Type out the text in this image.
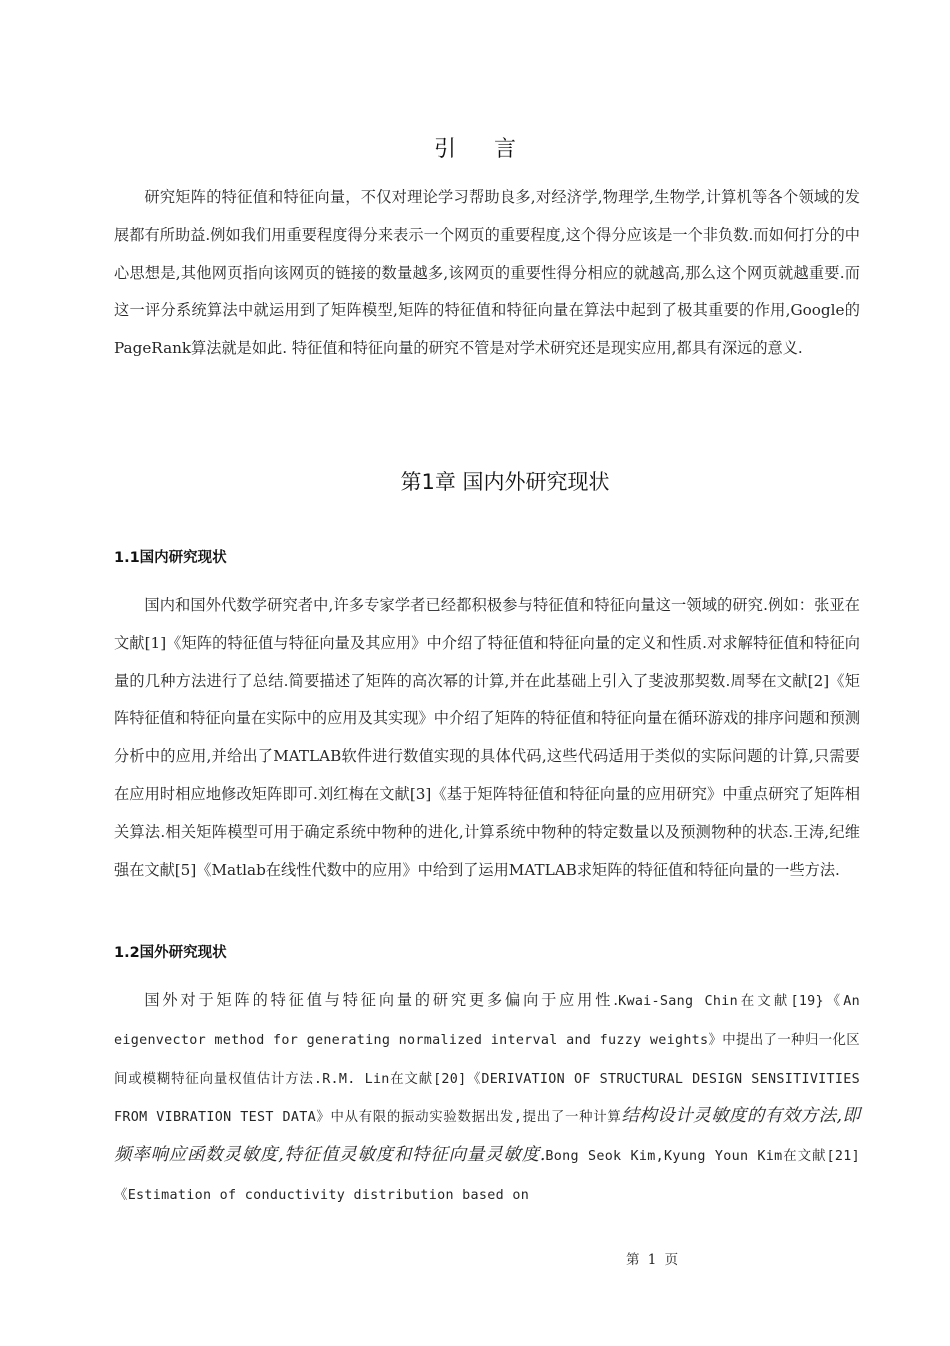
引言

研究矩阵的特征值和特征向量，不仅对理论学习帮助良多,对经济学,物理学,生物学,计算机等各个领域的发展都有所助益.例如我们用重要程度得分来表示一个网页的重要程度,这个得分应该是一个非负数.而如何打分的中心思想是,其他网页指向该网页的链接的数量越多,该网页的重要性得分相应的就越高,那么这个网页就越重要.而这一评分系统算法中就运用到了矩阵模型,矩阵的特征值和特征向量在算法中起到了极其重要的作用,Google的PageRank算法就是如此. 特征值和特征向量的研究不管是对学术研究还是现实应用,都具有深远的意义.

第1章 国内外研究现状
1.1国内研究现状

国内和国外代数学研究者中,许多专家学者已经都积极参与特征值和特征向量这一领域的研究.例如：张亚在文献[1]《矩阵的特征值与特征向量及其应用》中介绍了特征值和特征向量的定义和性质.对求解特征值和特征向量的几种方法进行了总结.简要描述了矩阵的高次幂的计算,并在此基础上引入了斐波那契数.周琴在文献[2]《矩阵特征值和特征向量在实际中的应用及其实现》中介绍了矩阵的特征值和特征向量在循环游戏的排序问题和预测分析中的应用,并给出了MATLAB软件进行数值实现的具体代码,这些代码适用于类似的实际问题的计算,只需要在应用时相应地修改矩阵即可.刘红梅在文献[3]《基于矩阵特征值和特征向量的应用研究》中重点研究了矩阵相关算法.相关矩阵模型可用于确定系统中物种的进化,计算系统中物种的特定数量以及预测物种的状态.王涛,纪维强在文献[5]《Matlab在线性代数中的应用》中给到了运用MATLAB求矩阵的特征值和特征向量的一些方法.

1.2国外研究现状

国外对于矩阵的特征值与特征向量的研究更多偏向于应用性.Kwai-Sang Chin在文献[19}《An eigenvector method for generating normalized interval and fuzzy weights》中提出了一种归一化区间或模糊特征向量权值估计方法.R.M. Lin在文献[20]《DERIVATION OF STRUCTURAL DESIGN SENSITIVITIES FROM VIBRATION TEST DATA》中从有限的振动实验数据出发,提出了一种计算结构设计灵敏度的有效方法,即频率响应函数灵敏度,特征值灵敏度和特征向量灵敏度.Bong Seok Kim,Kyung Youn Kim在文献[21]《Estimation of conductivity distribution based on

第 1 页
